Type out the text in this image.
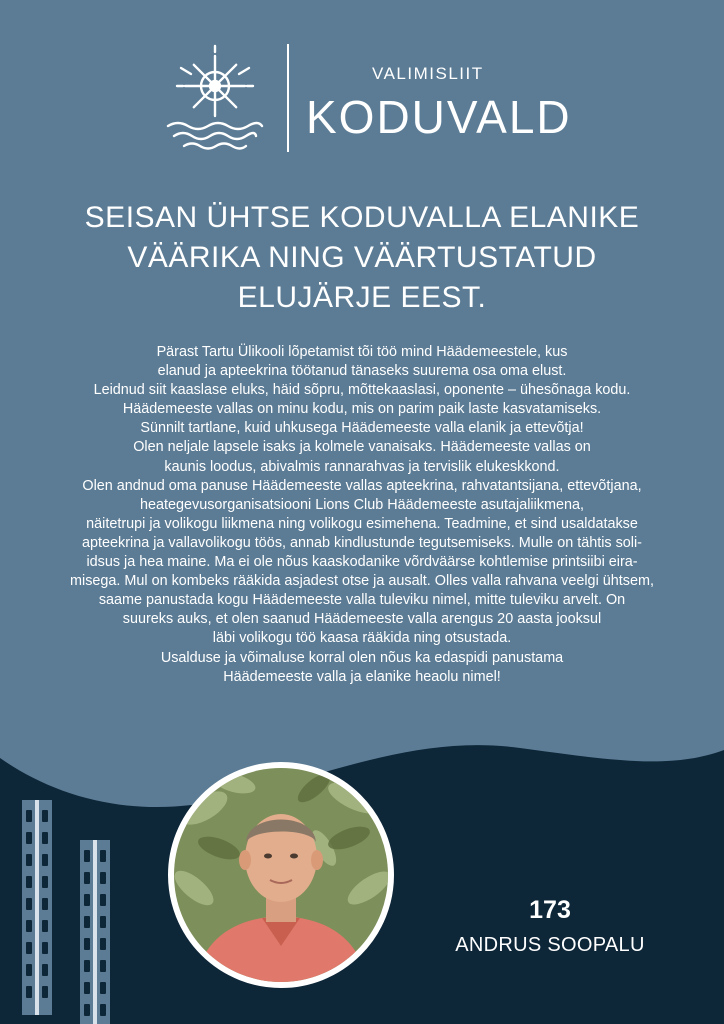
VALIMISLIIT
KODUVALD
SEISAN ÜHTSE KODUVALLA ELANIKE
VÄÄRIKA NING VÄÄRTUSTATUD
ELUJÄRJE EEST.
Pärast Tartu Ülikooli lõpetamist tõi töö mind Häädemeestele, kus
elanud ja apteekrina töötanud tänaseks suurema osa oma elust.
Leidnud siit kaaslase eluks, häid sõpru, mõttekaaslasi, oponente – ühesõnaga kodu.
Häädemeeste vallas on minu kodu, mis on parim paik laste kasvatamiseks.
Sünnilt tartlane, kuid uhkusega Häädemeeste valla elanik ja ettevõtja!
Olen neljale lapsele isaks ja kolmele vanaisaks. Häädemeeste vallas on
kaunis loodus, abivalmis rannarahvas ja tervislik elukeskkond.
Olen andnud oma panuse Häädemeeste vallas apteekrina, rahvatantsijana, ettevõtjana,
heategevusorganisatsiooni Lions Club Häädemeeste asutajaliikmena,
näitetrupi ja volikogu liikmena ning volikogu esimehena. Teadmine, et sind usaldatakse
apteekrina ja vallavolikogu töös, annab kindlustunde tegutsemiseks. Mulle on tähtis soli-
idsus ja hea maine. Ma ei ole nõus kaaskodanike võrdväärse kohtlemise printsiibi eira-
misega. Mul on kombeks rääkida asjadest otse ja ausalt. Olles valla rahvana veelgi ühtsem,
saame panustada kogu Häädemeeste valla tuleviku nimel, mitte tuleviku arvelt. On
suureks auks, et olen saanud Häädemeeste valla arengus 20 aasta jooksul
läbi volikogu töö kaasa rääkida ning otsustada.
Usalduse ja võimaluse korral olen nõus ka edaspidi panustama
Häädemeeste valla ja elanike heaolu nimel!
173
ANDRUS SOOPALU
